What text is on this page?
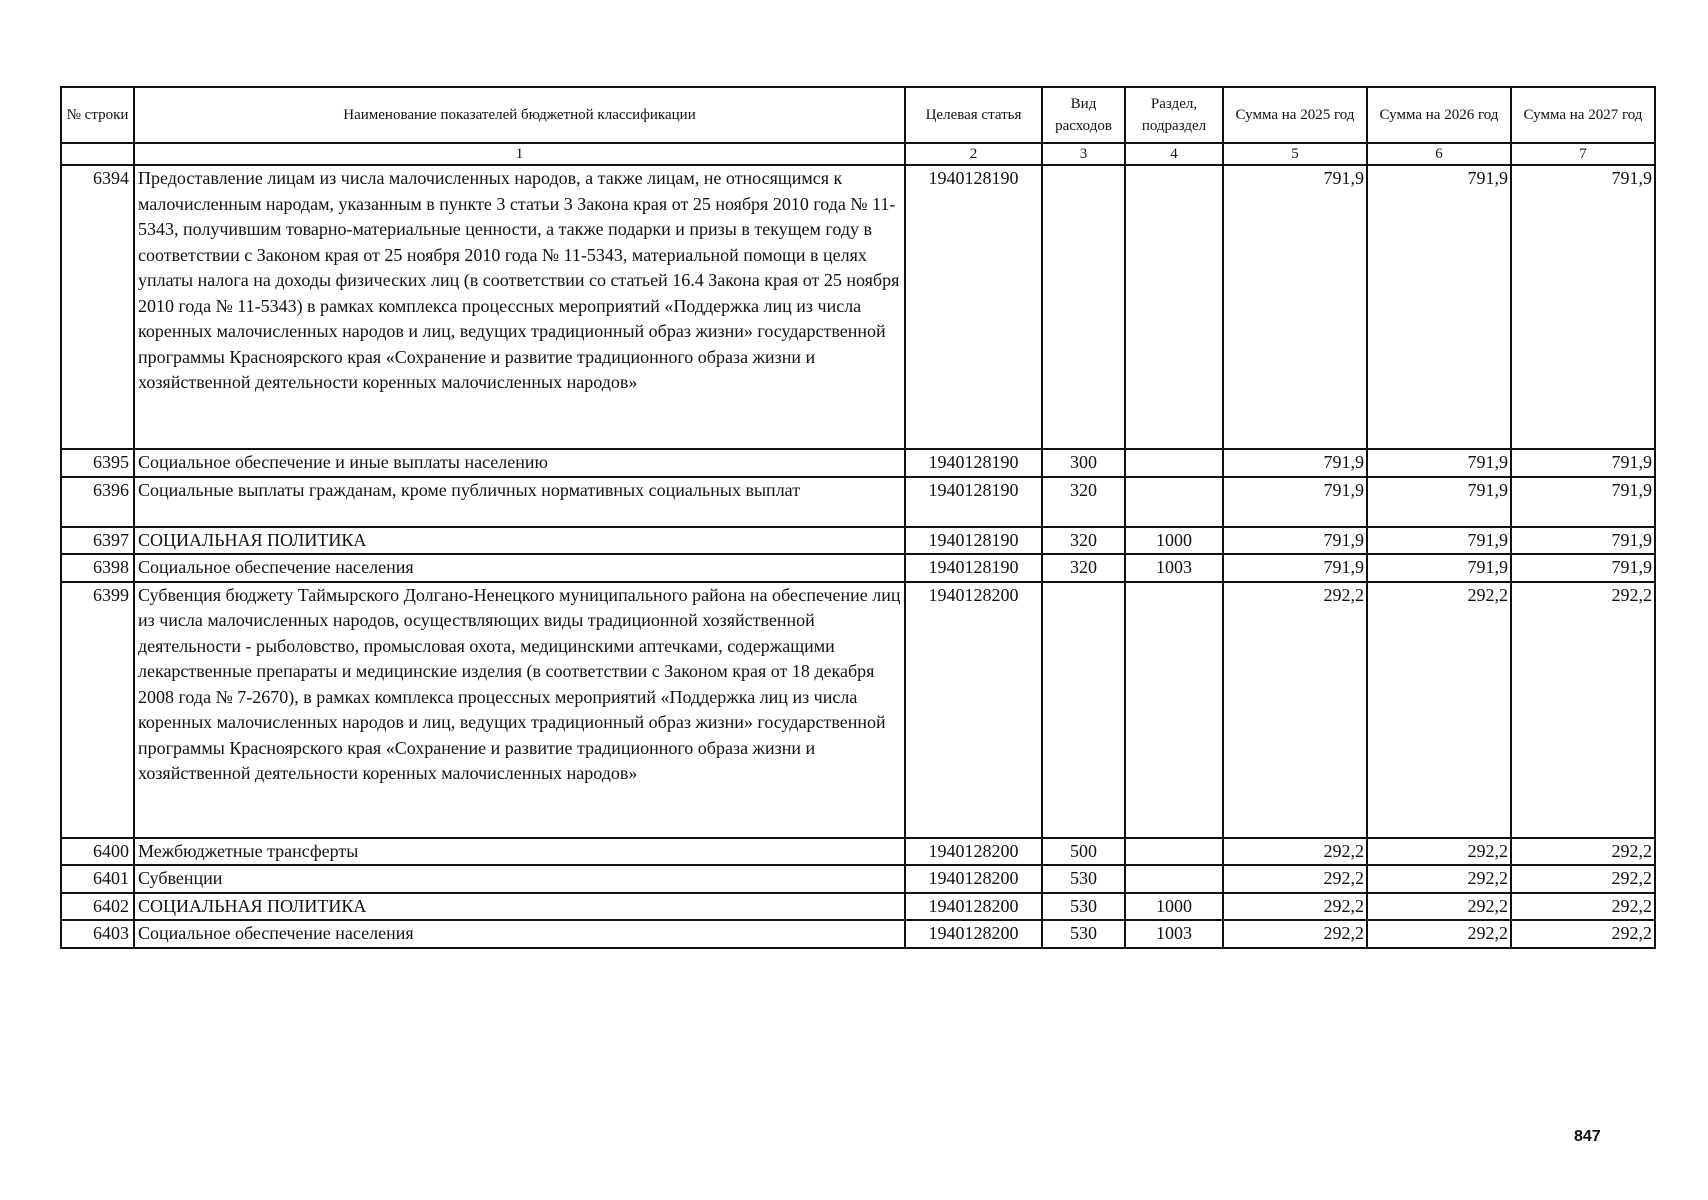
№ строки	Наименование показателей бюджетной классификации	Целевая статья	Вид расходов	Раздел, подраздел	Сумма на 2025 год	Сумма на 2026 год	Сумма на 2027 год
	1	2	3	4	5	6	7
6394	Предоставление лицам из числа малочисленных народов, а также лицам, не относящимся к малочисленным народам, указанным в пункте 3 статьи 3 Закона края от 25 ноября 2010 года № 11-5343, получившим товарно-материальные ценности, а также подарки и призы в текущем году в соответствии с Законом края от 25 ноября 2010 года № 11-5343, материальной помощи в целях уплаты налога на доходы физических лиц (в соответствии со статьей 16.4 Закона края от 25 ноября 2010 года № 11-5343) в рамках комплекса процессных мероприятий «Поддержка лиц из числа коренных малочисленных народов и лиц, ведущих традиционный образ жизни» государственной программы Красноярского края «Сохранение и развитие традиционного образа жизни и хозяйственной деятельности коренных малочисленных народов»	1940128190			791,9	791,9	791,9
6395	Социальное обеспечение и иные выплаты населению	1940128190	300		791,9	791,9	791,9
6396	Социальные выплаты гражданам, кроме публичных нормативных социальных выплат	1940128190	320		791,9	791,9	791,9
6397	СОЦИАЛЬНАЯ ПОЛИТИКА	1940128190	320	1000	791,9	791,9	791,9
6398	Социальное обеспечение населения	1940128190	320	1003	791,9	791,9	791,9
6399	Субвенция бюджету Таймырского Долгано-Ненецкого муниципального района на обеспечение лиц из числа малочисленных народов, осуществляющих виды традиционной хозяйственной деятельности - рыболовство, промысловая охота, медицинскими аптечками, содержащими лекарственные препараты и медицинские изделия (в соответствии с Законом края от 18 декабря 2008 года № 7-2670), в рамках комплекса процессных мероприятий «Поддержка лиц из числа коренных малочисленных народов и лиц, ведущих традиционный образ жизни» государственной программы Красноярского края «Сохранение и развитие традиционного образа жизни и хозяйственной деятельности коренных малочисленных народов»	1940128200			292,2	292,2	292,2
6400	Межбюджетные трансферты	1940128200	500		292,2	292,2	292,2
6401	Субвенции	1940128200	530		292,2	292,2	292,2
6402	СОЦИАЛЬНАЯ ПОЛИТИКА	1940128200	530	1000	292,2	292,2	292,2
6403	Социальное обеспечение населения	1940128200	530	1003	292,2	292,2	292,2
847
